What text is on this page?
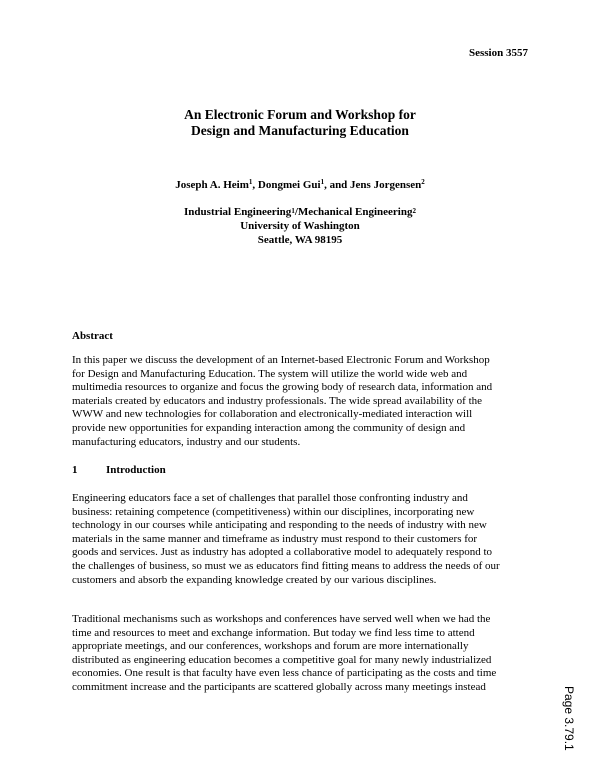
Session 3557
An Electronic Forum and Workshop for
Design and Manufacturing Education
Joseph A. Heim$^1$, Dongmei Gui$^1$, and Jens Jorgensen$^2$
Industrial Engineering$^1$/Mechanical Engineering$^2$
University of Washington
Seattle, WA 98195
Abstract
In this paper we discuss the development of an Internet-based Electronic Forum and Workshop
for Design and Manufacturing Education. The system will utilize the world wide web and
multimedia resources to organize and focus the growing body of research data, information and
materials created by educators and industry professionals. The wide spread availability of the
WWW and new technologies for collaboration and electronically-mediated interaction will
provide new opportunities for expanding interaction among the community of design and
manufacturing educators, industry and our students.
1	Introduction
Engineering educators face a set of challenges that parallel those confronting industry and
business: retaining competence (competitiveness) within our disciplines, incorporating new
technology in our courses while anticipating and responding to the needs of industry with new
materials in the same manner and timeframe as industry must respond to their customers for
goods and services. Just as industry has adopted a collaborative model to adequately respond to
the challenges of business, so must we as educators find fitting means to address the needs of our
customers and absorb the expanding knowledge created by our various disciplines.
Traditional mechanisms such as workshops and conferences have served well when we had the
time and resources to meet and exchange information. But today we find less time to attend
appropriate meetings, and our conferences, workshops and forum are more internationally
distributed as engineering education becomes a competitive goal for many newly industrialized
economies. One result is that faculty have even less chance of participating as the costs and time
commitment increase and the participants are scattered globally across many meetings instead	Page 3.79.1
